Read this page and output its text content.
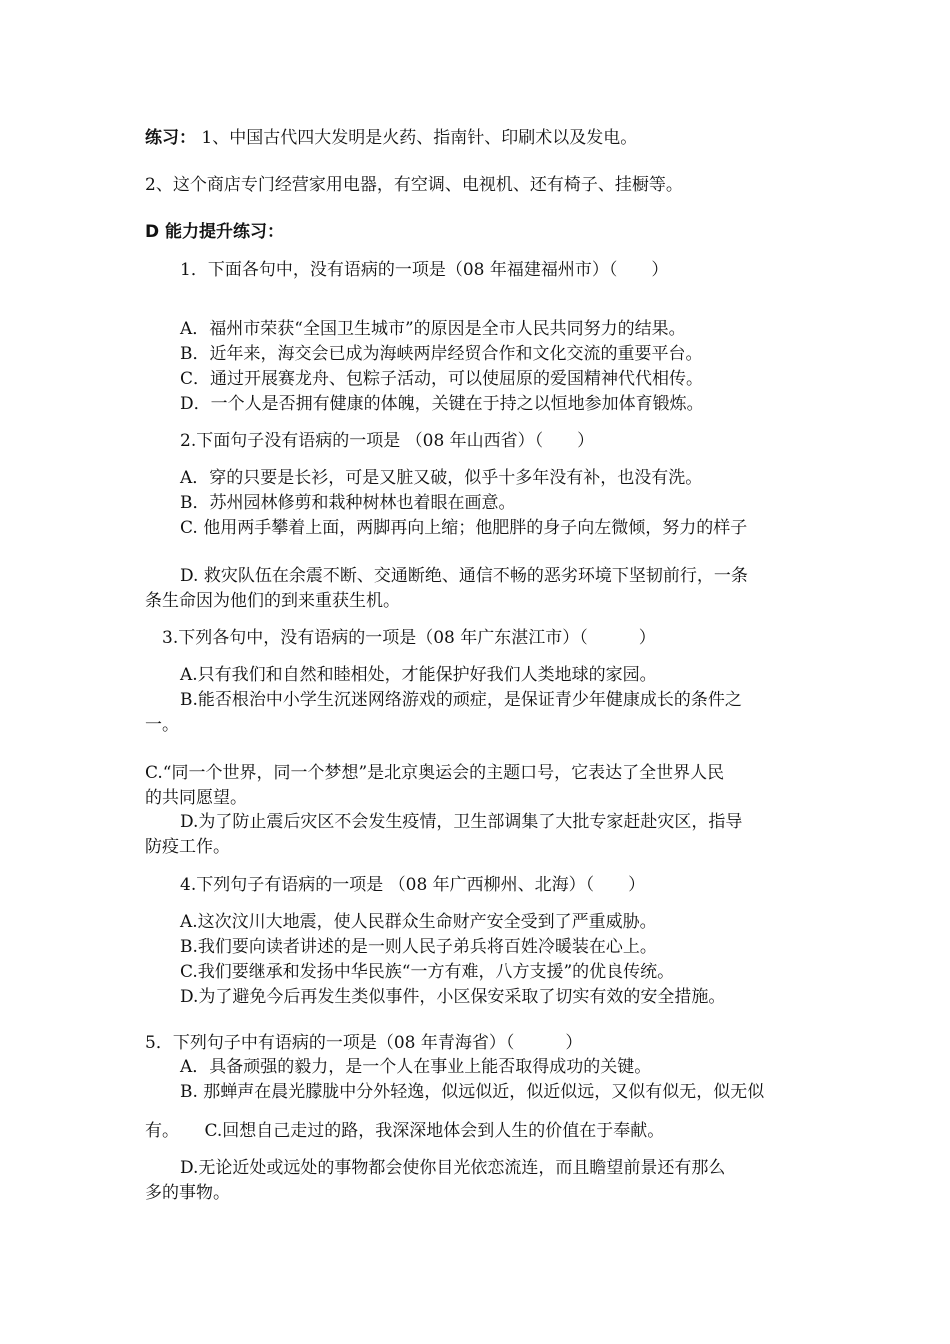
练习： 1、中国古代四大发明是火药、指南针、印刷术以及发电。
2、这个商店专门经营家用电器，有空调、电视机、还有椅子、挂橱等。
D 能力提升练习：
1．下面各句中，没有语病的一项是（08 年福建福州市）（　　）
A．福州市荣获“全国卫生城市”的原因是全市人民共同努力的结果。
B．近年来，海交会已成为海峡两岸经贸合作和文化交流的重要平台。
C．通过开展赛龙舟、包粽子活动，可以使屈原的爱国精神代代相传。
D．一个人是否拥有健康的体魄，关键在于持之以恒地参加体育锻炼。
2.下面句子没有语病的一项是 （08 年山西省）（　　）
A．穿的只要是长衫，可是又脏又破，似乎十多年没有补，也没有洗。
B．苏州园林修剪和栽种树林也着眼在画意。
C. 他用两手攀着上面，两脚再向上缩；他肥胖的身子向左微倾，努力的样子
D. 救灾队伍在余震不断、交通断绝、通信不畅的恶劣环境下坚韧前行，一条
条生命因为他们的到来重获生机。
3.下列各句中，没有语病的一项是（08 年广东湛江市）（　　　）
A.只有我们和自然和睦相处，才能保护好我们人类地球的家园。
B.能否根治中小学生沉迷网络游戏的顽症，是保证青少年健康成长的条件之
一。
C.“同一个世界，同一个梦想”是北京奥运会的主题口号，它表达了全世界人民
的共同愿望。
D.为了防止震后灾区不会发生疫情，卫生部调集了大批专家赶赴灾区，指导
防疫工作。
4.下列句子有语病的一项是 （08 年广西柳州、北海）（　　）
A.这次汶川大地震，使人民群众生命财产安全受到了严重威胁。
B.我们要向读者讲述的是一则人民子弟兵将百姓冷暖装在心上。
C.我们要继承和发扬中华民族“一方有难，八方支援”的优良传统。
D.为了避免今后再发生类似事件，小区保安采取了切实有效的安全措施。
5．下列句子中有语病的一项是（08 年青海省）（　　　）
A．具备顽强的毅力，是一个人在事业上能否取得成功的关键。
B. 那蝉声在晨光朦胧中分外轻逸，似远似近，似近似远，又似有似无，似无似
有。　　C.回想自己走过的路，我深深地体会到人生的价值在于奉献。
D.无论近处或远处的事物都会使你目光依恋流连，而且瞻望前景还有那么
多的事物。
